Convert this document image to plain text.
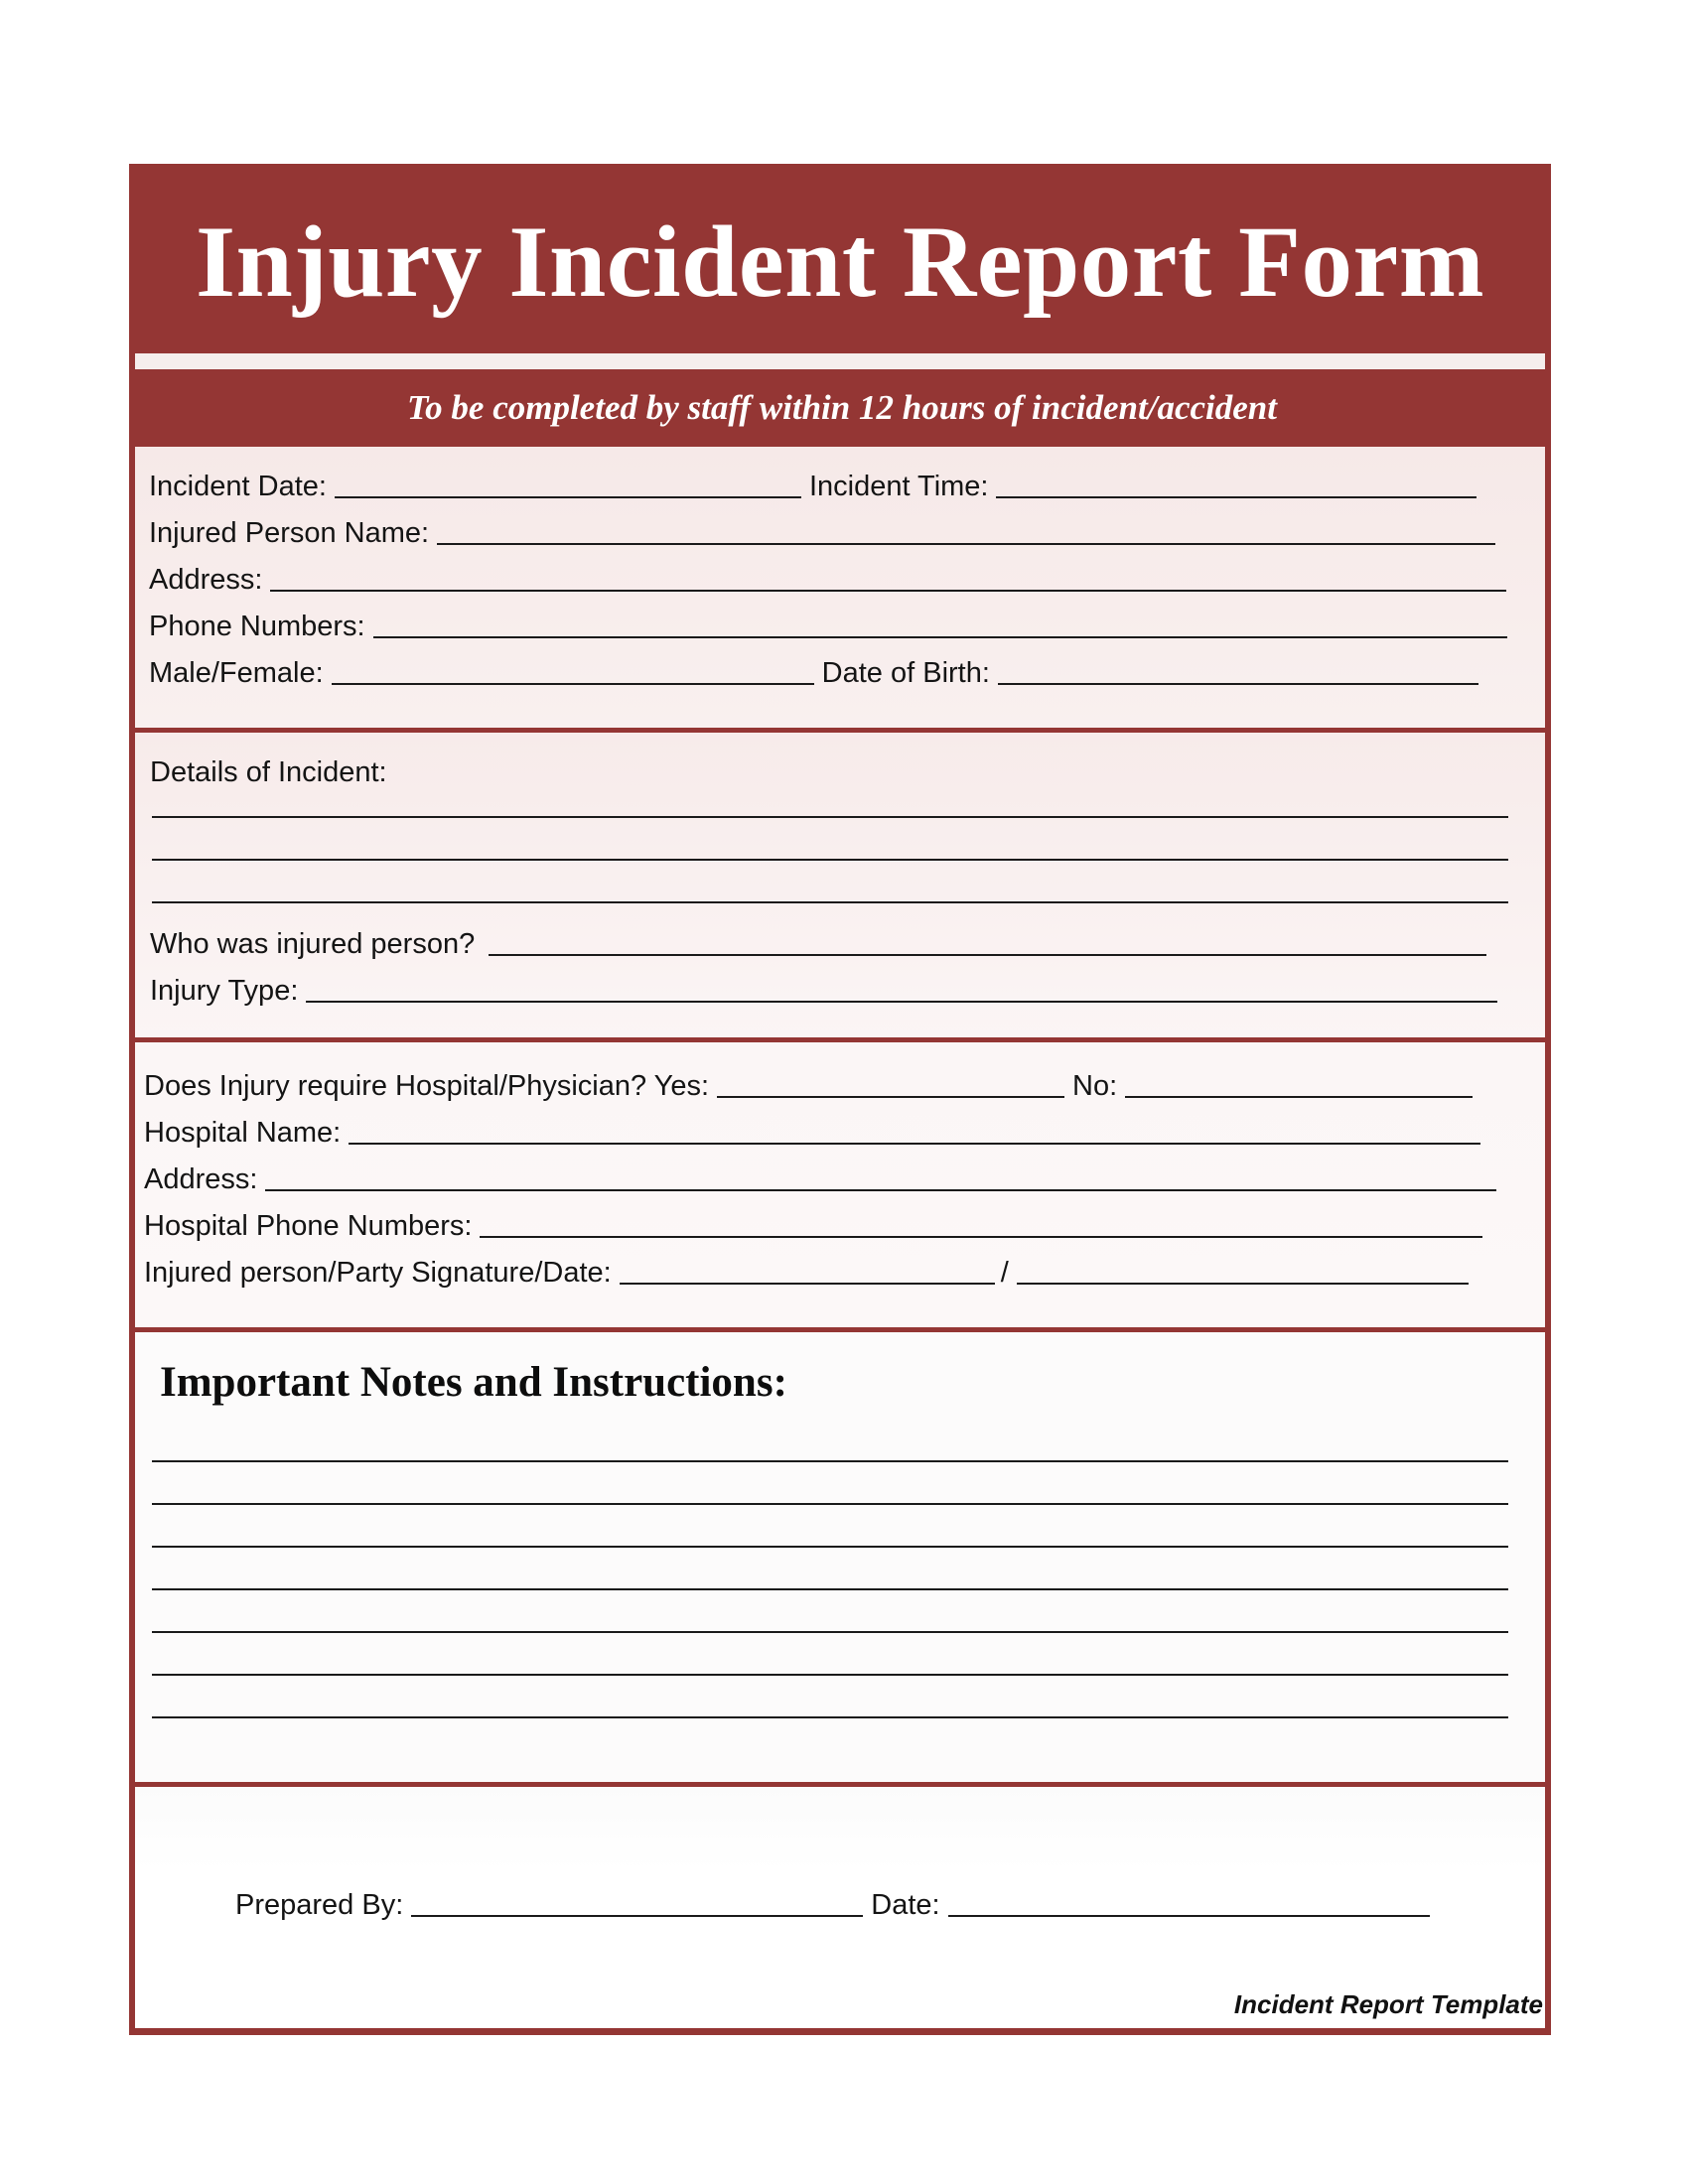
Injury Incident Report Form
To be completed by staff within 12 hours of incident/accident
Incident Date:	Incident Time:
Injured Person Name:
Address:
Phone Numbers:
Male/Female:	Date of Birth:
Details of Incident:
Who was injured person?
Injury Type:
Does Injury require Hospital/Physician? Yes:	No:
Hospital Name:
Address:
Hospital Phone Numbers:
Injured person/Party Signature/Date:	/
Important Notes and Instructions:
Prepared By:	Date:
Incident Report Template
